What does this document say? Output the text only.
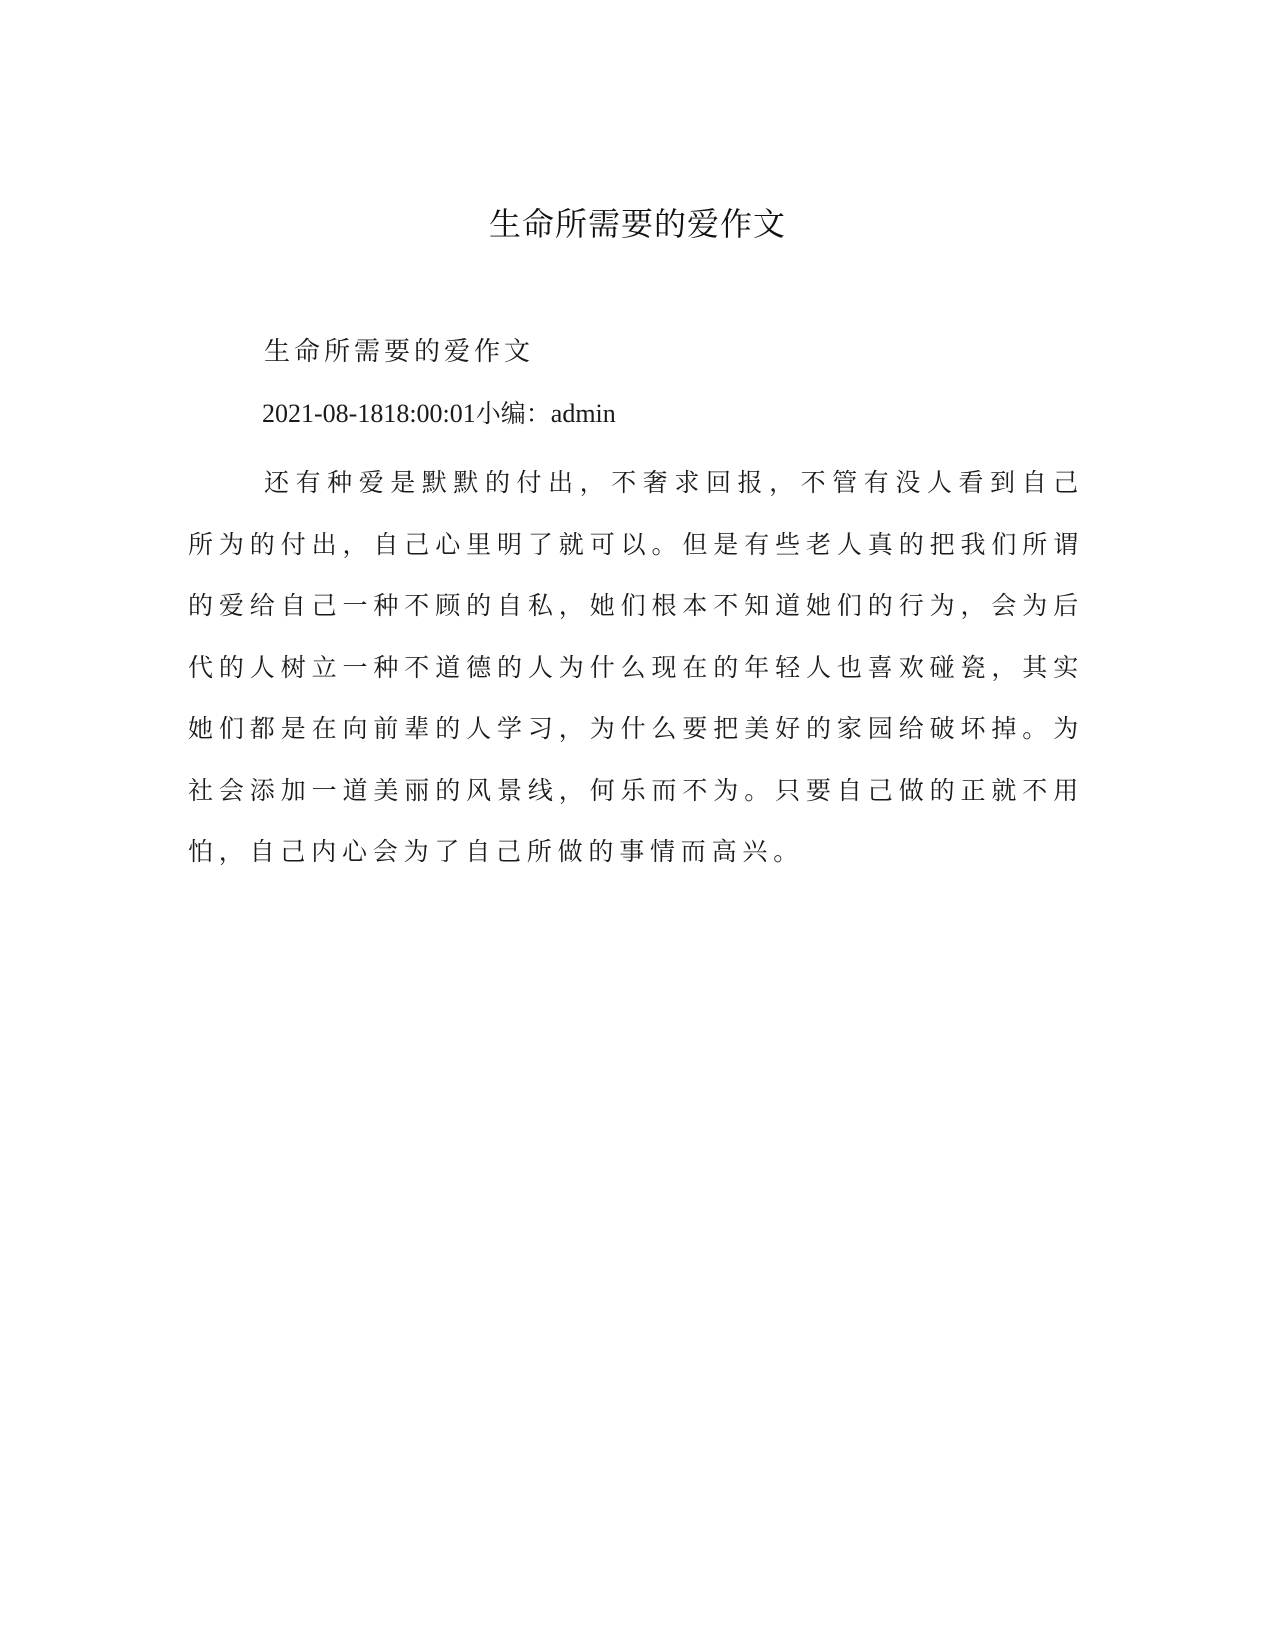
生命所需要的爱作文

生命所需要的爱作文

2021-08-1818:00:01小编：admin

还有种爱是默默的付出，不奢求回报，不管有没人看到自己所为的付出，自己心里明了就可以。但是有些老人真的把我们所谓的爱给自己一种不顾的自私，她们根本不知道她们的行为，会为后代的人树立一种不道德的人为什么现在的年轻人也喜欢碰瓷，其实她们都是在向前辈的人学习，为什么要把美好的家园给破坏掉。为社会添加一道美丽的风景线，何乐而不为。只要自己做的正就不用怕，自己内心会为了自己所做的事情而高兴。
